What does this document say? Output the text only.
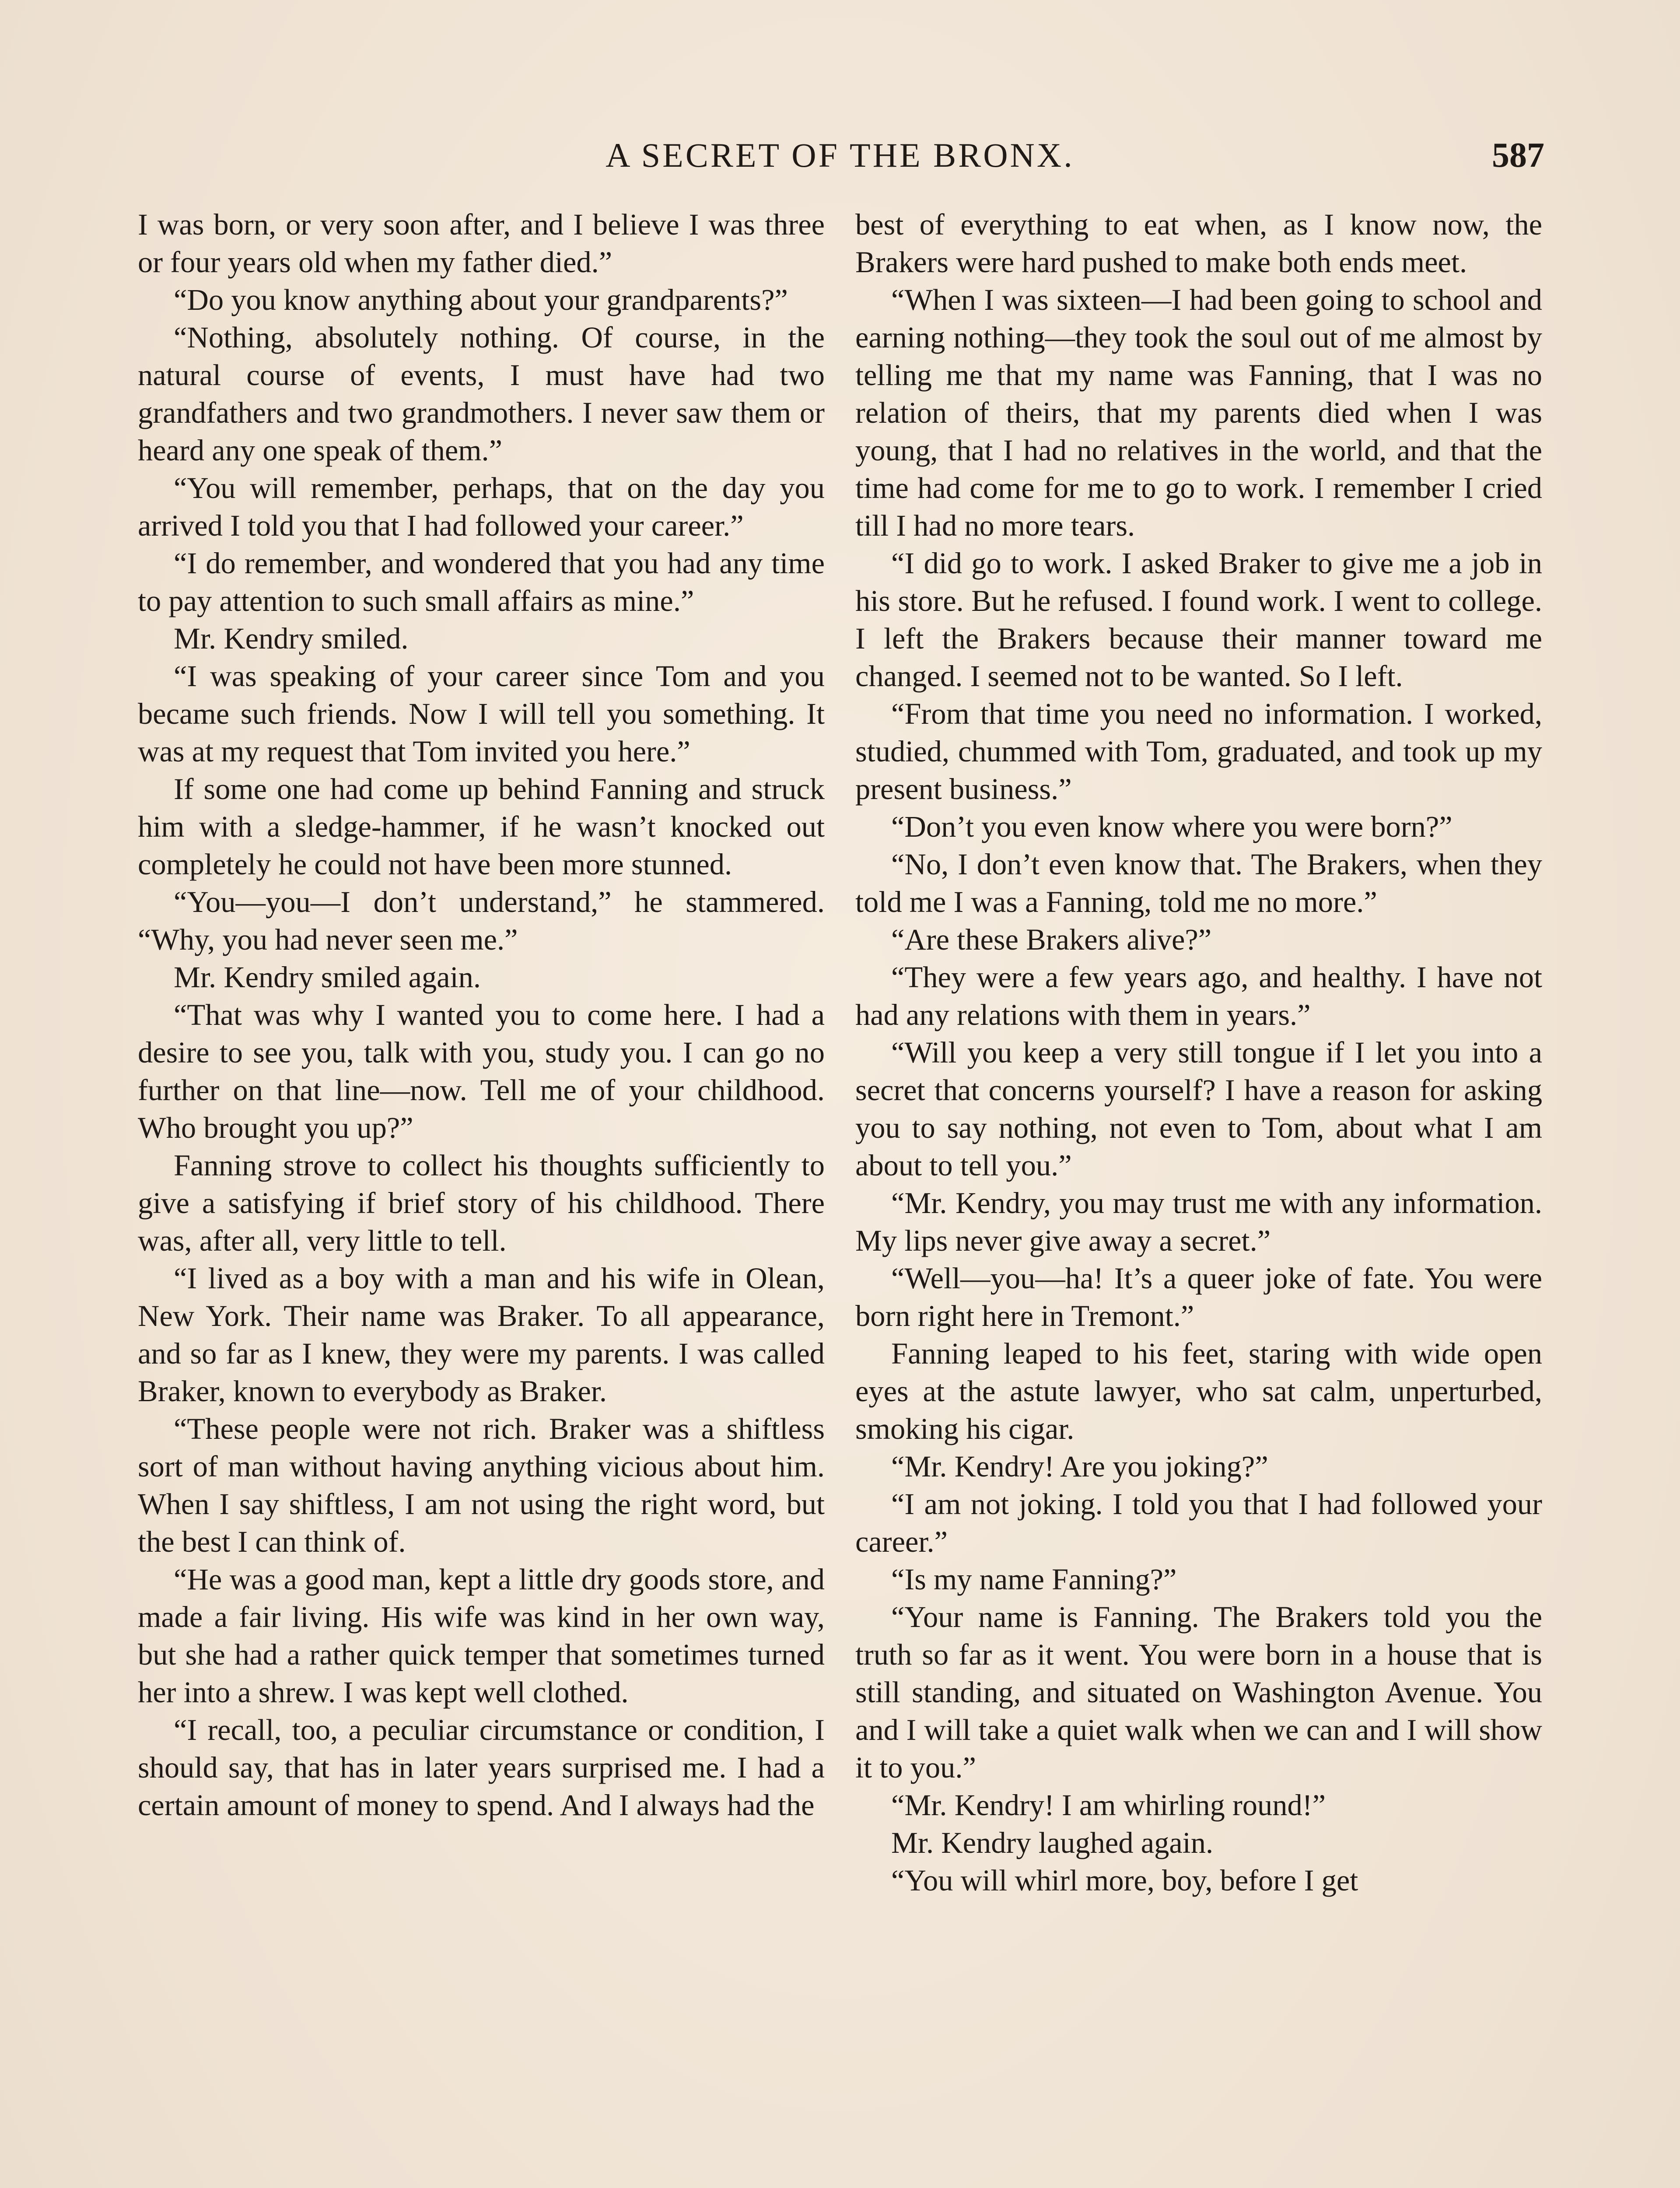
A SECRET OF THE BRONX.	587

I was born, or very soon after, and I believe I was three or four years old when my father died.”

“Do you know anything about your grandparents?”

“Nothing, absolutely nothing. Of course, in the natural course of events, I must have had two grandfathers and two grandmothers. I never saw them or heard any one speak of them.”

“You will remember, perhaps, that on the day you arrived I told you that I had followed your career.”

“I do remember, and wondered that you had any time to pay attention to such small affairs as mine.”

Mr. Kendry smiled.

“I was speaking of your career since Tom and you became such friends. Now I will tell you something. It was at my request that Tom invited you here.”

If some one had come up behind Fanning and struck him with a sledge-hammer, if he wasn’t knocked out completely he could not have been more stunned.

“You—you—I don’t understand,” he stammered. “Why, you had never seen me.”

Mr. Kendry smiled again.

“That was why I wanted you to come here. I had a desire to see you, talk with you, study you. I can go no further on that line—now. Tell me of your childhood. Who brought you up?”

Fanning strove to collect his thoughts sufficiently to give a satisfying if brief story of his childhood. There was, after all, very little to tell.

“I lived as a boy with a man and his wife in Olean, New York. Their name was Braker. To all appearance, and so far as I knew, they were my parents. I was called Braker, known to everybody as Braker.

“These people were not rich. Braker was a shiftless sort of man without having anything vicious about him. When I say shiftless, I am not using the right word, but the best I can think of.

“He was a good man, kept a little dry goods store, and made a fair living. His wife was kind in her own way, but she had a rather quick temper that sometimes turned her into a shrew. I was kept well clothed.

“I recall, too, a peculiar circumstance or condition, I should say, that has in later years surprised me. I had a certain amount of money to spend. And I always had the

best of everything to eat when, as I know now, the Brakers were hard pushed to make both ends meet.

“When I was sixteen—I had been going to school and earning nothing—they took the soul out of me almost by telling me that my name was Fanning, that I was no relation of theirs, that my parents died when I was young, that I had no relatives in the world, and that the time had come for me to go to work. I remember I cried till I had no more tears.

“I did go to work. I asked Braker to give me a job in his store. But he refused. I found work. I went to college. I left the Brakers because their manner toward me changed. I seemed not to be wanted. So I left.

“From that time you need no information. I worked, studied, chummed with Tom, graduated, and took up my present business.”

“Don’t you even know where you were born?”

“No, I don’t even know that. The Brakers, when they told me I was a Fanning, told me no more.”

“Are these Brakers alive?”

“They were a few years ago, and healthy. I have not had any relations with them in years.”

“Will you keep a very still tongue if I let you into a secret that concerns yourself? I have a reason for asking you to say nothing, not even to Tom, about what I am about to tell you.”

“Mr. Kendry, you may trust me with any information. My lips never give away a secret.”

“Well—you—ha! It’s a queer joke of fate. You were born right here in Tremont.”

Fanning leaped to his feet, staring with wide open eyes at the astute lawyer, who sat calm, unperturbed, smoking his cigar.

“Mr. Kendry! Are you joking?”

“I am not joking. I told you that I had followed your career.”

“Is my name Fanning?”

“Your name is Fanning. The Brakers told you the truth so far as it went. You were born in a house that is still standing, and situated on Washington Avenue. You and I will take a quiet walk when we can and I will show it to you.”

“Mr. Kendry! I am whirling round!”

Mr. Kendry laughed again.

“You will whirl more, boy, before I get
